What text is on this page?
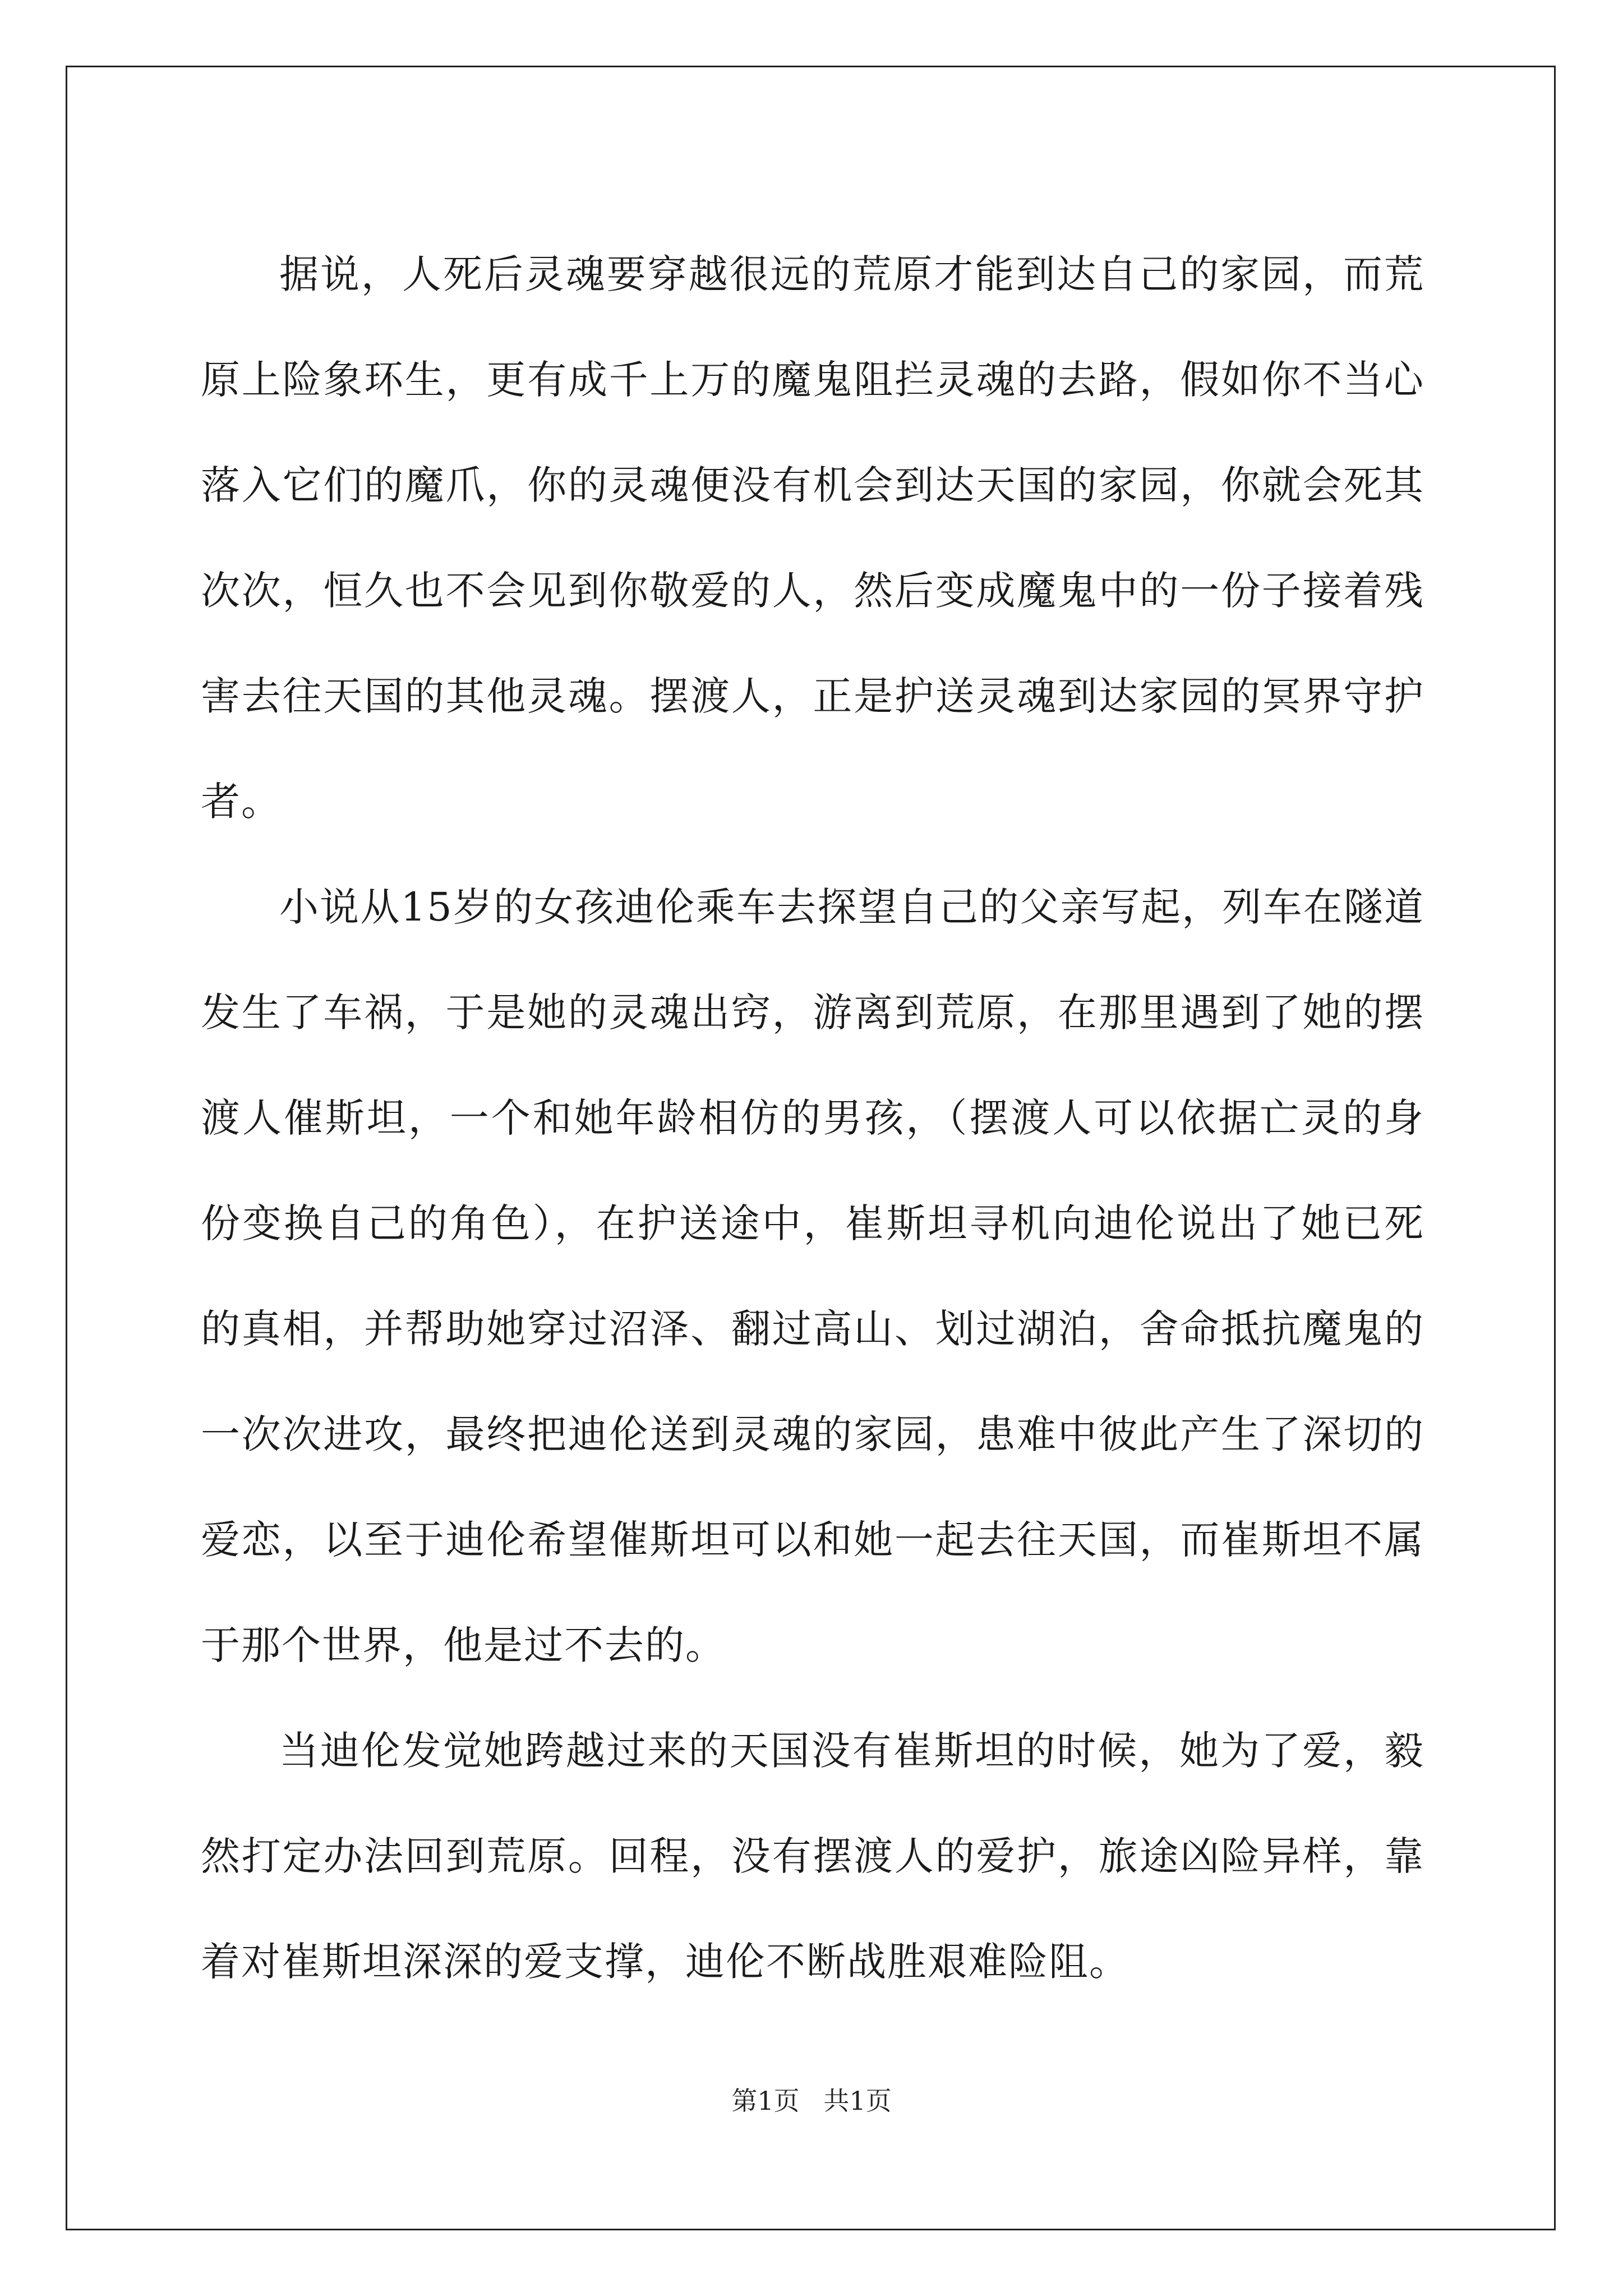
据说，人死后灵魂要穿越很远的荒原才能到达自己的家园，而荒原上险象环生，更有成千上万的魔鬼阻拦灵魂的去路，假如你不当心落入它们的魔爪，你的灵魂便没有机会到达天国的家园，你就会死其次次，恒久也不会见到你敬爱的人，然后变成魔鬼中的一份子接着残害去往天国的其他灵魂。摆渡人，正是护送灵魂到达家园的冥界守护者。

小说从15岁的女孩迪伦乘车去探望自己的父亲写起，列车在隧道发生了车祸，于是她的灵魂出窍，游离到荒原，在那里遇到了她的摆渡人催斯坦，一个和她年龄相仿的男孩，（摆渡人可以依据亡灵的身份变换自己的角色），在护送途中，崔斯坦寻机向迪伦说出了她已死的真相，并帮助她穿过沼泽、翻过高山、划过湖泊，舍命抵抗魔鬼的一次次进攻，最终把迪伦送到灵魂的家园，患难中彼此产生了深切的爱恋，以至于迪伦希望催斯坦可以和她一起去往天国，而崔斯坦不属于那个世界，他是过不去的。

当迪伦发觉她跨越过来的天国没有崔斯坦的时候，她为了爱，毅然打定办法回到荒原。回程，没有摆渡人的爱护，旅途凶险异样，靠着对崔斯坦深深的爱支撑，迪伦不断战胜艰难险阻。

第1页 共1页
